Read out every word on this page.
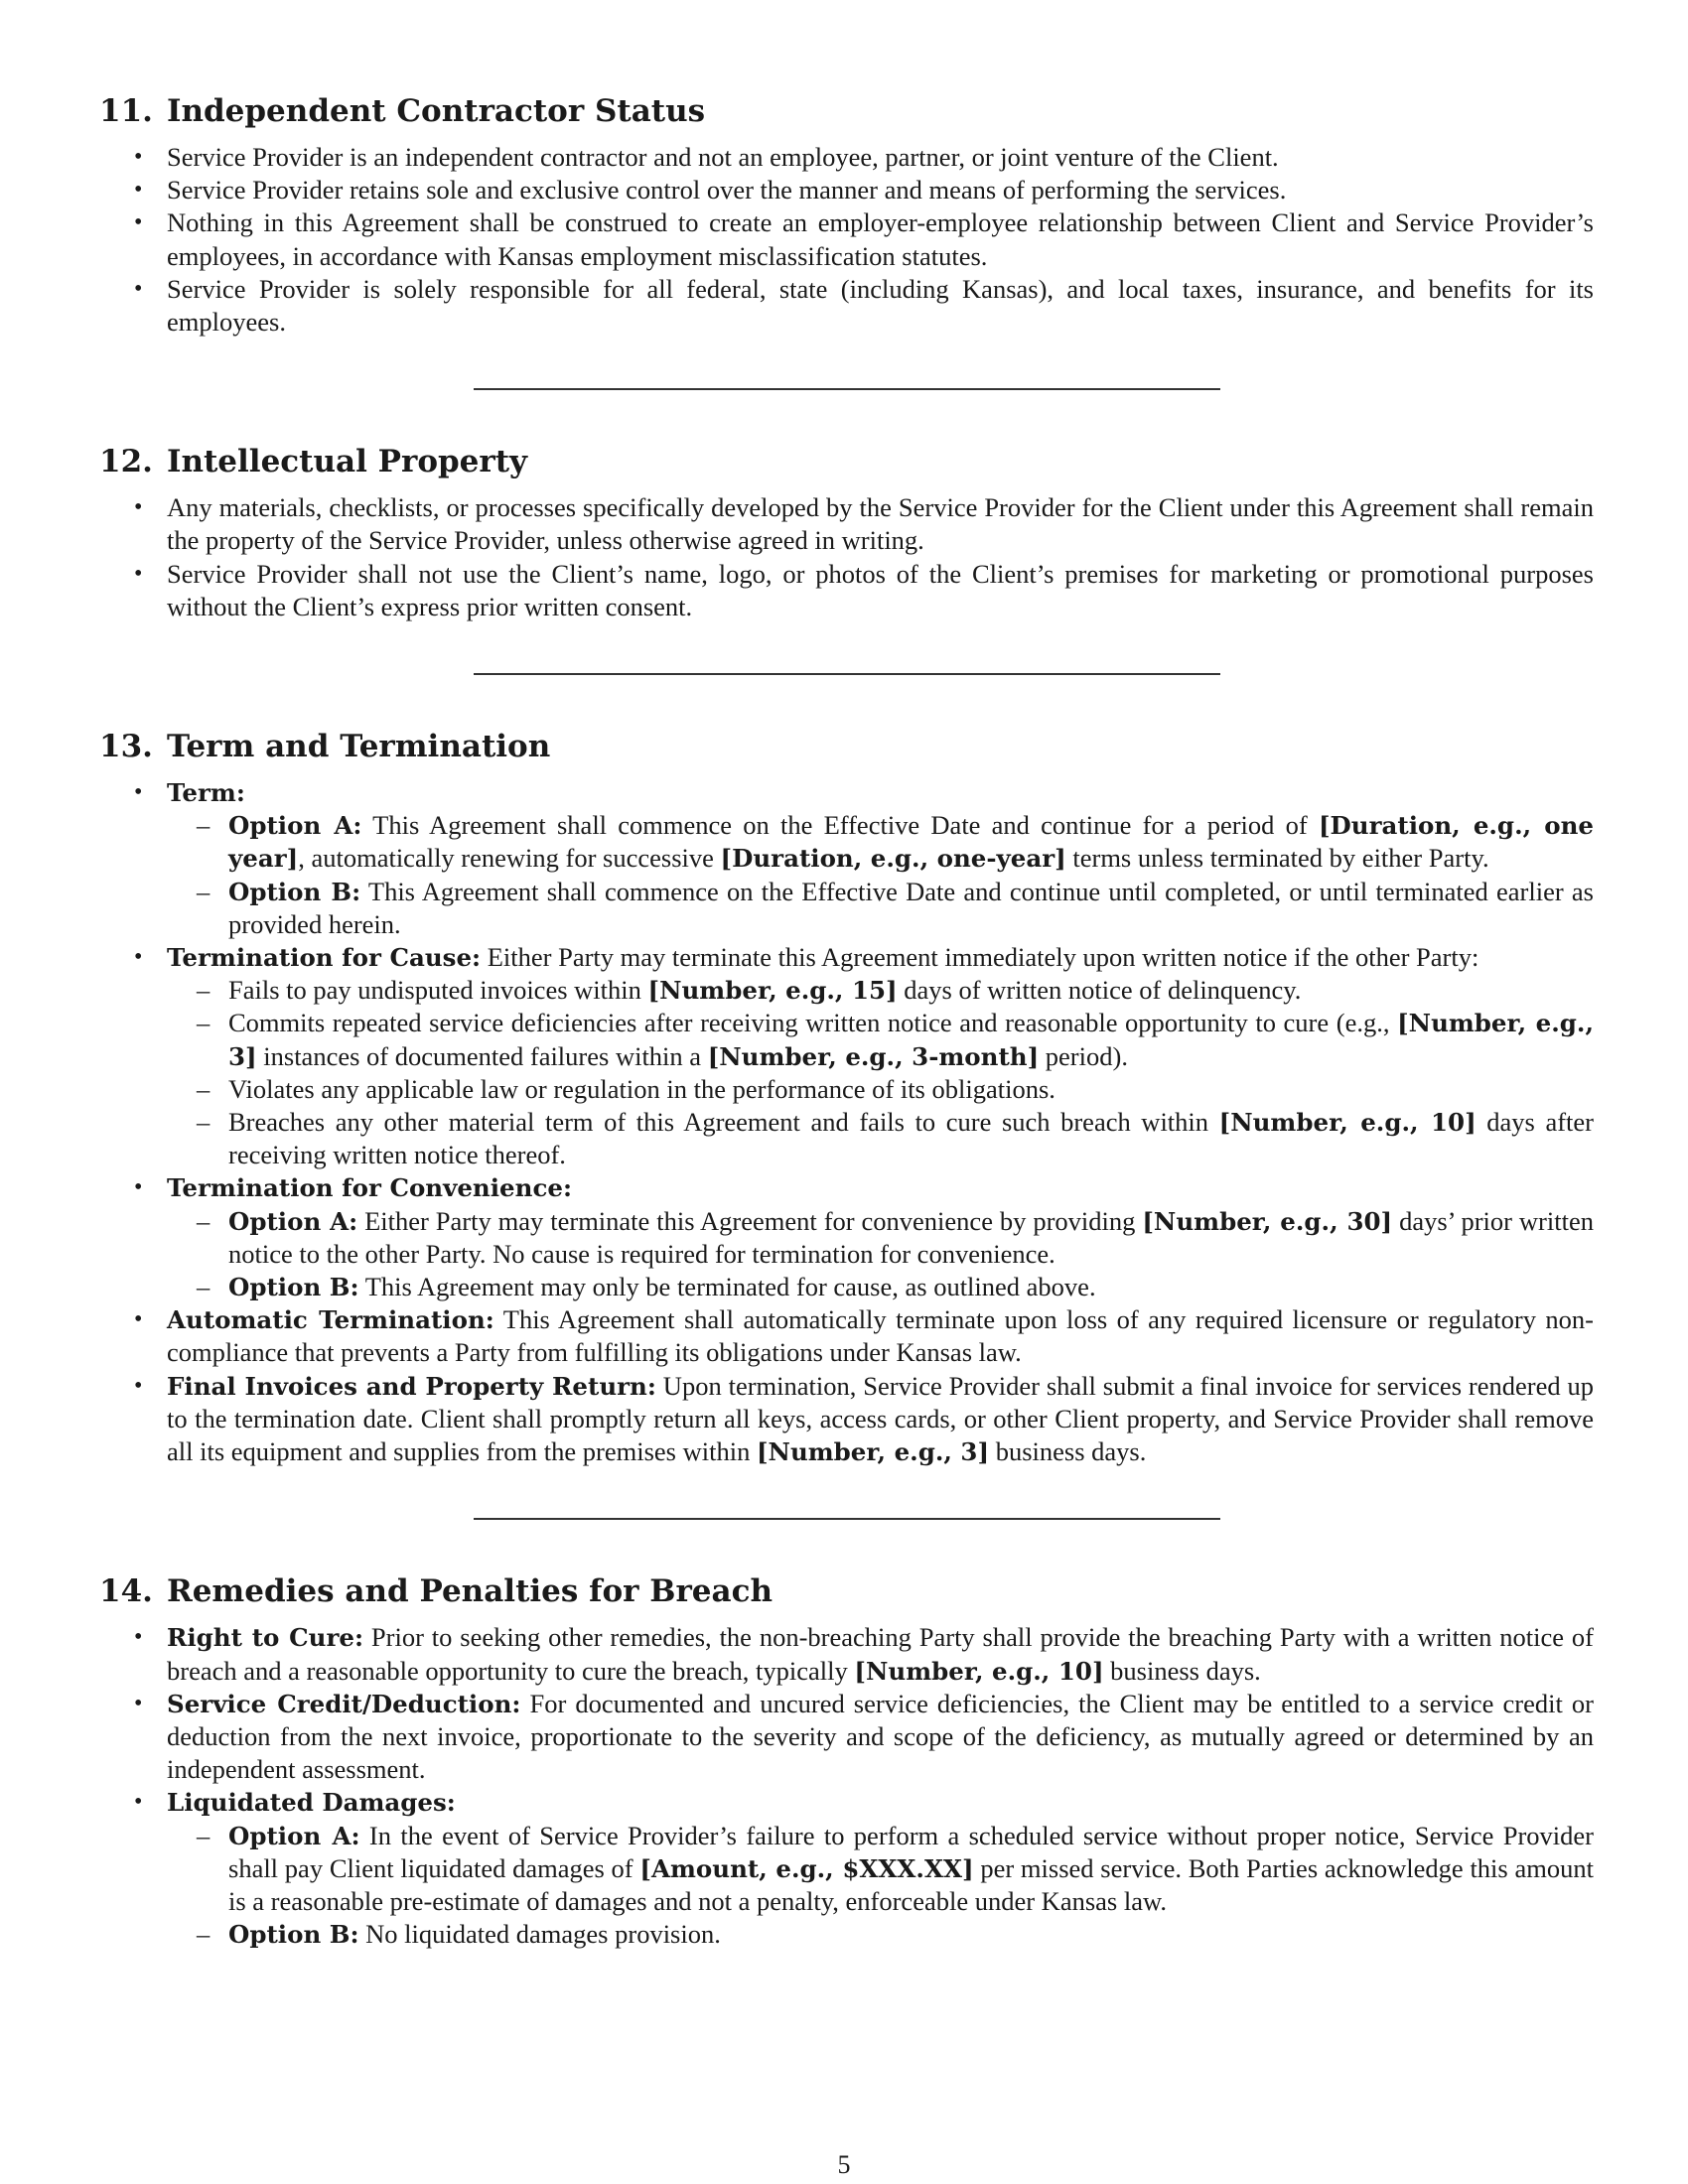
11. Independent Contractor Status
• Service Provider is an independent contractor and not an employee, partner, or joint venture of the Client.
• Service Provider retains sole and exclusive control over the manner and means of performing the services.
• Nothing in this Agreement shall be construed to create an employer-employee relationship between Client and Service Provider’s employees, in accordance with Kansas employment misclassification statutes.
• Service Provider is solely responsible for all federal, state (including Kansas), and local taxes, insurance, and benefits for its employees.
12. Intellectual Property
• Any materials, checklists, or processes specifically developed by the Service Provider for the Client under this Agreement shall remain the property of the Service Provider, unless otherwise agreed in writing.
• Service Provider shall not use the Client’s name, logo, or photos of the Client’s premises for marketing or promotional purposes without the Client’s express prior written consent.
13. Term and Termination
• Term:
– Option A: This Agreement shall commence on the Effective Date and continue for a period of [Duration, e.g., one year], automatically renewing for successive [Duration, e.g., one-year] terms unless terminated by either Party.
– Option B: This Agreement shall commence on the Effective Date and continue until completed, or until terminated earlier as provided herein.
• Termination for Cause: Either Party may terminate this Agreement immediately upon written notice if the other Party:
– Fails to pay undisputed invoices within [Number, e.g., 15] days of written notice of delinquency.
– Commits repeated service deficiencies after receiving written notice and reasonable opportunity to cure (e.g., [Number, e.g., 3] instances of documented failures within a [Number, e.g., 3-month] period).
– Violates any applicable law or regulation in the performance of its obligations.
– Breaches any other material term of this Agreement and fails to cure such breach within [Number, e.g., 10] days after receiving written notice thereof.
• Termination for Convenience:
– Option A: Either Party may terminate this Agreement for convenience by providing [Number, e.g., 30] days’ prior written notice to the other Party. No cause is required for termination for convenience.
– Option B: This Agreement may only be terminated for cause, as outlined above.
• Automatic Termination: This Agreement shall automatically terminate upon loss of any required licensure or regulatory non-compliance that prevents a Party from fulfilling its obligations under Kansas law.
• Final Invoices and Property Return: Upon termination, Service Provider shall submit a final invoice for services rendered up to the termination date. Client shall promptly return all keys, access cards, or other Client property, and Service Provider shall remove all its equipment and supplies from the premises within [Number, e.g., 3] business days.
14. Remedies and Penalties for Breach
• Right to Cure: Prior to seeking other remedies, the non-breaching Party shall provide the breaching Party with a written notice of breach and a reasonable opportunity to cure the breach, typically [Number, e.g., 10] business days.
• Service Credit/Deduction: For documented and uncured service deficiencies, the Client may be entitled to a service credit or deduction from the next invoice, proportionate to the severity and scope of the deficiency, as mutually agreed or determined by an independent assessment.
• Liquidated Damages:
– Option A: In the event of Service Provider’s failure to perform a scheduled service without proper notice, Service Provider shall pay Client liquidated damages of [Amount, e.g., $XXX.XX] per missed service. Both Parties acknowledge this amount is a reasonable pre-estimate of damages and not a penalty, enforceable under Kansas law.
– Option B: No liquidated damages provision.
5
